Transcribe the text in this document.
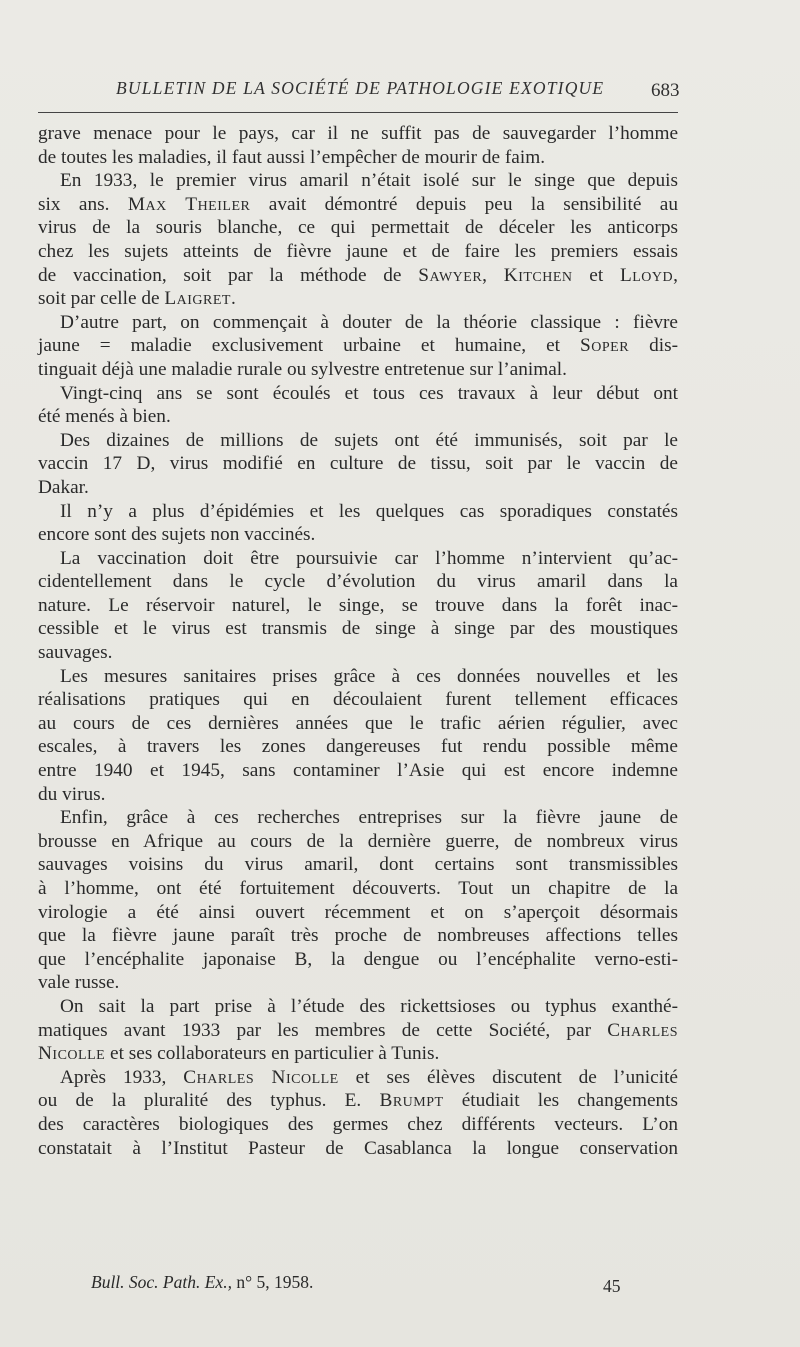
BULLETIN DE LA SOCIÉTÉ DE PATHOLOGIE EXOTIQUE	683
grave menace pour le pays, car il ne suffit pas de sauvegarder l’homme
de toutes les maladies, il faut aussi l’empêcher de mourir de faim.
En 1933, le premier virus amaril n’était isolé sur le singe que depuis
six ans. Max Theiler avait démontré depuis peu la sensibilité au
virus de la souris blanche, ce qui permettait de déceler les anticorps
chez les sujets atteints de fièvre jaune et de faire les premiers essais
de vaccination, soit par la méthode de Sawyer, Kitchen et Lloyd,
soit par celle de Laigret.
D’autre part, on commençait à douter de la théorie classique : fièvre
jaune = maladie exclusivement urbaine et humaine, et Soper dis-
tinguait déjà une maladie rurale ou sylvestre entretenue sur l’animal.
Vingt-cinq ans se sont écoulés et tous ces travaux à leur début ont
été menés à bien.
Des dizaines de millions de sujets ont été immunisés, soit par le
vaccin 17 D, virus modifié en culture de tissu, soit par le vaccin de
Dakar.
Il n’y a plus d’épidémies et les quelques cas sporadiques constatés
encore sont des sujets non vaccinés.
La vaccination doit être poursuivie car l’homme n’intervient qu’ac-
cidentellement dans le cycle d’évolution du virus amaril dans la
nature. Le réservoir naturel, le singe, se trouve dans la forêt inac-
cessible et le virus est transmis de singe à singe par des moustiques
sauvages.
Les mesures sanitaires prises grâce à ces données nouvelles et les
réalisations pratiques qui en découlaient furent tellement efficaces
au cours de ces dernières années que le trafic aérien régulier, avec
escales, à travers les zones dangereuses fut rendu possible même
entre 1940 et 1945, sans contaminer l’Asie qui est encore indemne
du virus.
Enfin, grâce à ces recherches entreprises sur la fièvre jaune de
brousse en Afrique au cours de la dernière guerre, de nombreux virus
sauvages voisins du virus amaril, dont certains sont transmissibles
à l’homme, ont été fortuitement découverts. Tout un chapitre de la
virologie a été ainsi ouvert récemment et on s’aperçoit désormais
que la fièvre jaune paraît très proche de nombreuses affections telles
que l’encéphalite japonaise B, la dengue ou l’encéphalite verno-esti-
vale russe.
On sait la part prise à l’étude des rickettsioses ou typhus exanthé-
matiques avant 1933 par les membres de cette Société, par Charles
Nicolle et ses collaborateurs en particulier à Tunis.
Après 1933, Charles Nicolle et ses élèves discutent de l’unicité
ou de la pluralité des typhus. E. Brumpt étudiait les changements
des caractères biologiques des germes chez différents vecteurs. L’on
constatait à l’Institut Pasteur de Casablanca la longue conservation
Bull. Soc. Path. Ex., n° 5, 1958.	45
